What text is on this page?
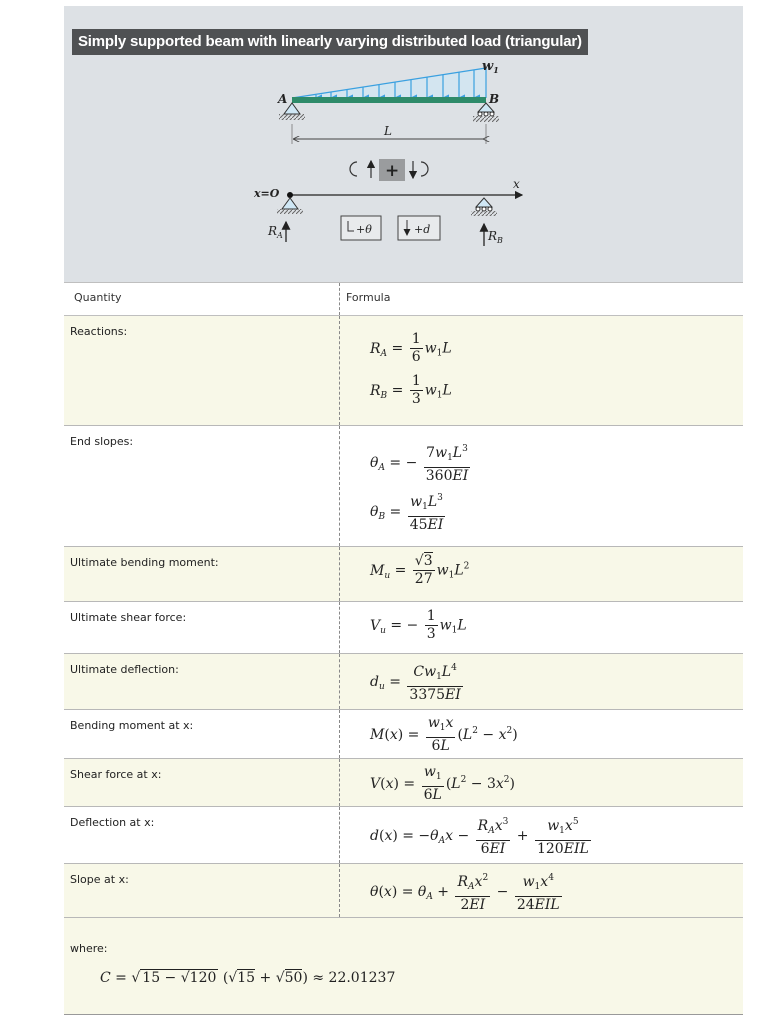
Simply supported beam with linearly varying distributed load (triangular)
$w_1$
A	B
L
+
x=O
x
$R_A$	$R_B$
+θ	+d
Quantity	Formula
Reactions:
$R_A = \frac{1}{6} w_1L$
$R_B = \frac{1}{3} w_1L$
End slopes:
$\theta_A$ = − $\frac{7w_1L^3}{360EI}$
$\theta_B = \frac{w_1L^3}{45EI}$
Ultimate bending moment:	$M_u = \frac{√3}{27} w_1L^2$
Ultimate shear force:	$V_u$ = − $\frac{1}{3} w_1L$
Ultimate deflection:
$d_u = \frac{Cw_1L^4}{3375EI}$
Bending moment at x:
$M(x) = \frac{w_1x}{6L} (L^2 - x^2)$
Shear force at x:
$V(x) = \frac{w_1}{6L} (L^2 - 3x^2)$
Deflection at x:
$d(x) = -\theta_Ax - \frac{R_Ax^3}{6EI} + \frac{w_1x^5}{\text{120EIL}}$
Slope at x:
$\theta(x) = \theta_A + \frac{R_Ax^2}{2EI} - \frac{w_1x^4}{\text{24EIL}}$
where:
C = √ 15 − √120 (√15 + √50) ≈ 22.01237
